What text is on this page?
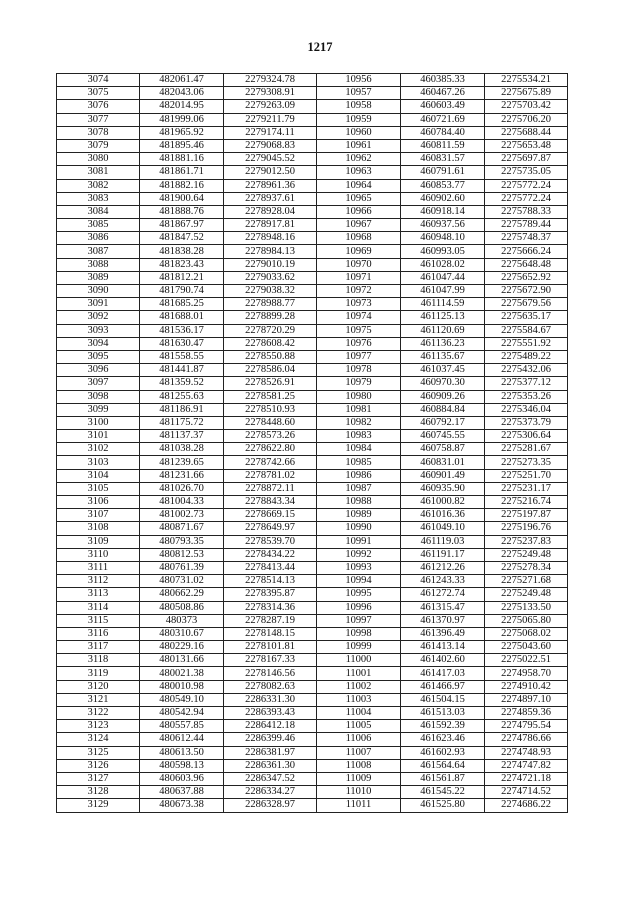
1217
3074	482061.47	2279324.78	10956	460385.33	2275534.21
3075	482043.06	2279308.91	10957	460467.26	2275675.89
3076	482014.95	2279263.09	10958	460603.49	2275703.42
3077	481999.06	2279211.79	10959	460721.69	2275706.20
3078	481965.92	2279174.11	10960	460784.40	2275688.44
3079	481895.46	2279068.83	10961	460811.59	2275653.48
3080	481881.16	2279045.52	10962	460831.57	2275697.87
3081	481861.71	2279012.50	10963	460791.61	2275735.05
3082	481882.16	2278961.36	10964	460853.77	2275772.24
3083	481900.64	2278937.61	10965	460902.60	2275772.24
3084	481888.76	2278928.04	10966	460918.14	2275788.33
3085	481867.97	2278917.81	10967	460937.56	2275789.44
3086	481847.52	2278948.16	10968	460948.10	2275748.37
3087	481838.28	2278984.13	10969	460993.05	2275666.24
3088	481823.43	2279010.19	10970	461028.02	2275648.48
3089	481812.21	2279033.62	10971	461047.44	2275652.92
3090	481790.74	2279038.32	10972	461047.99	2275672.90
3091	481685.25	2278988.77	10973	461114.59	2275679.56
3092	481688.01	2278899.28	10974	461125.13	2275635.17
3093	481536.17	2278720.29	10975	461120.69	2275584.67
3094	481630.47	2278608.42	10976	461136.23	2275551.92
3095	481558.55	2278550.88	10977	461135.67	2275489.22
3096	481441.87	2278586.04	10978	461037.45	2275432.06
3097	481359.52	2278526.91	10979	460970.30	2275377.12
3098	481255.63	2278581.25	10980	460909.26	2275353.26
3099	481186.91	2278510.93	10981	460884.84	2275346.04
3100	481175.72	2278448.60	10982	460792.17	2275373.79
3101	481137.37	2278573.26	10983	460745.55	2275306.64
3102	481038.28	2278622.80	10984	460758.87	2275281.67
3103	481239.65	2278742.66	10985	460831.01	2275273.35
3104	481231.66	2278781.02	10986	460901.49	2275251.70
3105	481026.70	2278872.11	10987	460935.90	2275231.17
3106	481004.33	2278843.34	10988	461000.82	2275216.74
3107	481002.73	2278669.15	10989	461016.36	2275197.87
3108	480871.67	2278649.97	10990	461049.10	2275196.76
3109	480793.35	2278539.70	10991	461119.03	2275237.83
3110	480812.53	2278434.22	10992	461191.17	2275249.48
3111	480761.39	2278413.44	10993	461212.26	2275278.34
3112	480731.02	2278514.13	10994	461243.33	2275271.68
3113	480662.29	2278395.87	10995	461272.74	2275249.48
3114	480508.86	2278314.36	10996	461315.47	2275133.50
3115	480373	2278287.19	10997	461370.97	2275065.80
3116	480310.67	2278148.15	10998	461396.49	2275068.02
3117	480229.16	2278101.81	10999	461413.14	2275043.60
3118	480131.66	2278167.33	11000	461402.60	2275022.51
3119	480021.38	2278146.56	11001	461417.03	2274958.70
3120	480010.98	2278082.63	11002	461466.97	2274910.42
3121	480549.10	2286331.30	11003	461504.15	2274897.10
3122	480542.94	2286393.43	11004	461513.03	2274859.36
3123	480557.85	2286412.18	11005	461592.39	2274795.54
3124	480612.44	2286399.46	11006	461623.46	2274786.66
3125	480613.50	2286381.97	11007	461602.93	2274748.93
3126	480598.13	2286361.30	11008	461564.64	2274747.82
3127	480603.96	2286347.52	11009	461561.87	2274721.18
3128	480637.88	2286334.27	11010	461545.22	2274714.52
3129	480673.38	2286328.97	11011	461525.80	2274686.22
